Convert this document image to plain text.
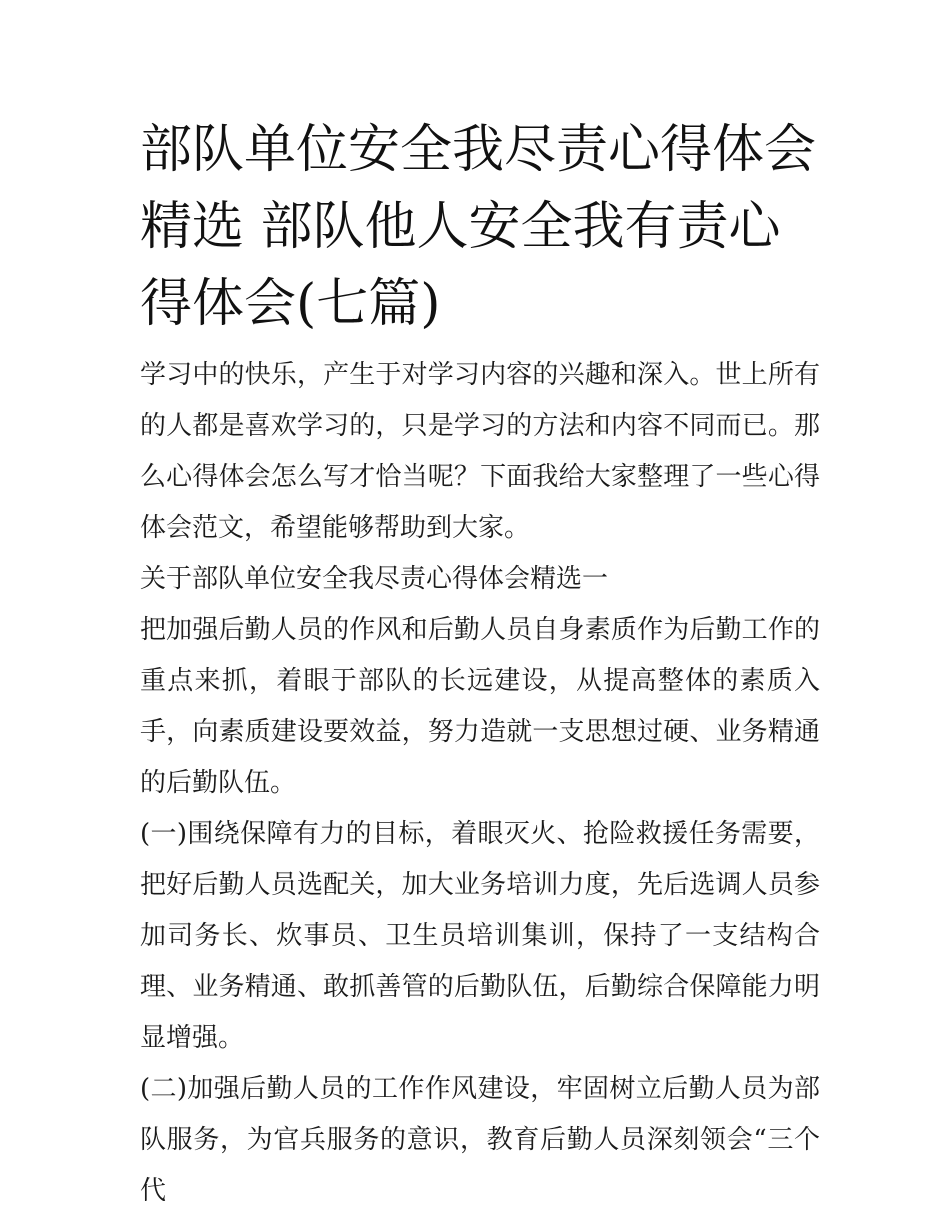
部队单位安全我尽责心得体会精选 部队他人安全我有责心得体会(七篇)

学习中的快乐，产生于对学习内容的兴趣和深入。世上所有的人都是喜欢学习的，只是学习的方法和内容不同而已。那么心得体会怎么写才恰当呢？下面我给大家整理了一些心得体会范文，希望能够帮助到大家。

关于部队单位安全我尽责心得体会精选一

把加强后勤人员的作风和后勤人员自身素质作为后勤工作的重点来抓，着眼于部队的长远建设，从提高整体的素质入手，向素质建设要效益，努力造就一支思想过硬、业务精通的后勤队伍。

(一)围绕保障有力的目标，着眼灭火、抢险救援任务需要，把好后勤人员选配关，加大业务培训力度，先后选调人员参加司务长、炊事员、卫生员培训集训，保持了一支结构合理、业务精通、敢抓善管的后勤队伍，后勤综合保障能力明显增强。

(二)加强后勤人员的工作作风建设，牢固树立后勤人员为部队服务，为官兵服务的意识，教育后勤人员深刻领会“三个代
